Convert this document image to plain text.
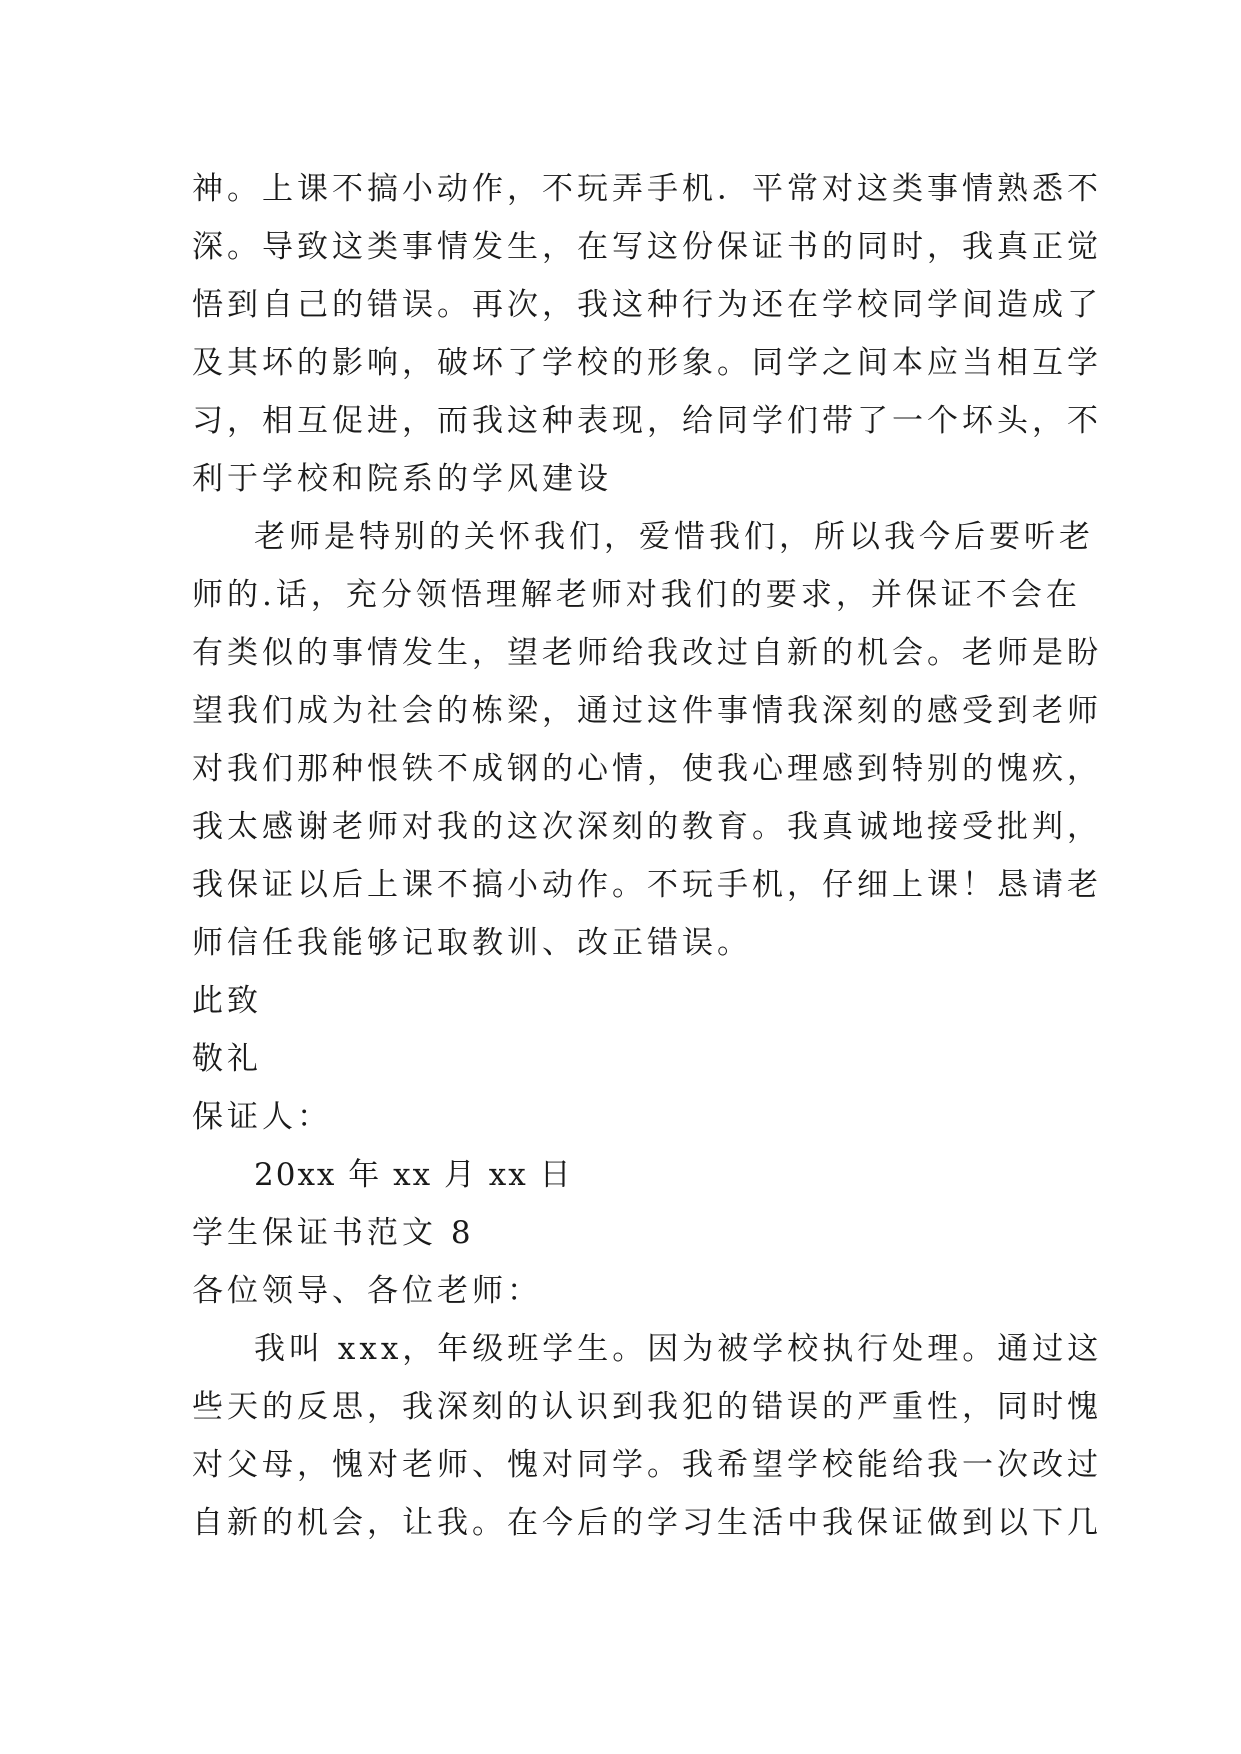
神。上课不搞小动作，不玩弄手机．平常对这类事情熟悉不
深。导致这类事情发生，在写这份保证书的同时，我真正觉
悟到自己的错误。再次，我这种行为还在学校同学间造成了
及其坏的影响，破坏了学校的形象。同学之间本应当相互学
习，相互促进，而我这种表现，给同学们带了一个坏头，不
利于学校和院系的学风建设
老师是特别的关怀我们，爱惜我们，所以我今后要听老
师的.话，充分领悟理解老师对我们的要求，并保证不会在
有类似的事情发生，望老师给我改过自新的机会。老师是盼
望我们成为社会的栋梁，通过这件事情我深刻的感受到老师
对我们那种恨铁不成钢的心情，使我心理感到特别的愧疚，
我太感谢老师对我的这次深刻的教育。我真诚地接受批判，
我保证以后上课不搞小动作。不玩手机，仔细上课！恳请老
师信任我能够记取教训、改正错误。
此致
敬礼
保证人：
20xx 年 xx 月 xx 日
学生保证书范文 8
各位领导、各位老师：
我叫 xxx，年级班学生。因为被学校执行处理。通过这
些天的反思，我深刻的认识到我犯的错误的严重性，同时愧
对父母，愧对老师、愧对同学。我希望学校能给我一次改过
自新的机会，让我。在今后的学习生活中我保证做到以下几
